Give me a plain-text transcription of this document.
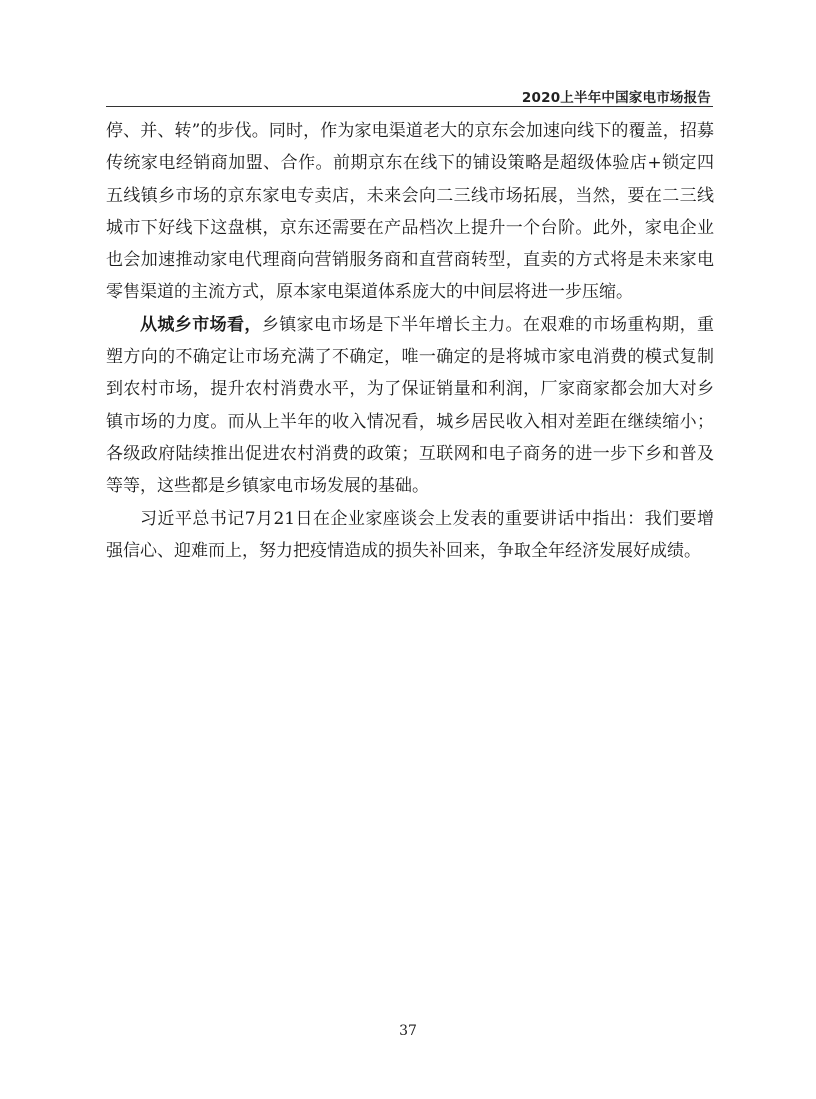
2020上半年中国家电市场报告

停、并、转”的步伐。同时，作为家电渠道老大的京东会加速向线下的覆盖，招募传统家电经销商加盟、合作。前期京东在线下的铺设策略是超级体验店+锁定四五线镇乡市场的京东家电专卖店，未来会向二三线市场拓展，当然，要在二三线城市下好线下这盘棋，京东还需要在产品档次上提升一个台阶。此外，家电企业也会加速推动家电代理商向营销服务商和直营商转型，直卖的方式将是未来家电零售渠道的主流方式，原本家电渠道体系庞大的中间层将进一步压缩。

从城乡市场看，乡镇家电市场是下半年增长主力。在艰难的市场重构期，重塑方向的不确定让市场充满了不确定，唯一确定的是将城市家电消费的模式复制到农村市场，提升农村消费水平，为了保证销量和利润，厂家商家都会加大对乡镇市场的力度。而从上半年的收入情况看，城乡居民收入相对差距在继续缩小；各级政府陆续推出促进农村消费的政策；互联网和电子商务的进一步下乡和普及等等，这些都是乡镇家电市场发展的基础。

习近平总书记7月21日在企业家座谈会上发表的重要讲话中指出：我们要增强信心、迎难而上，努力把疫情造成的损失补回来，争取全年经济发展好成绩。

37
